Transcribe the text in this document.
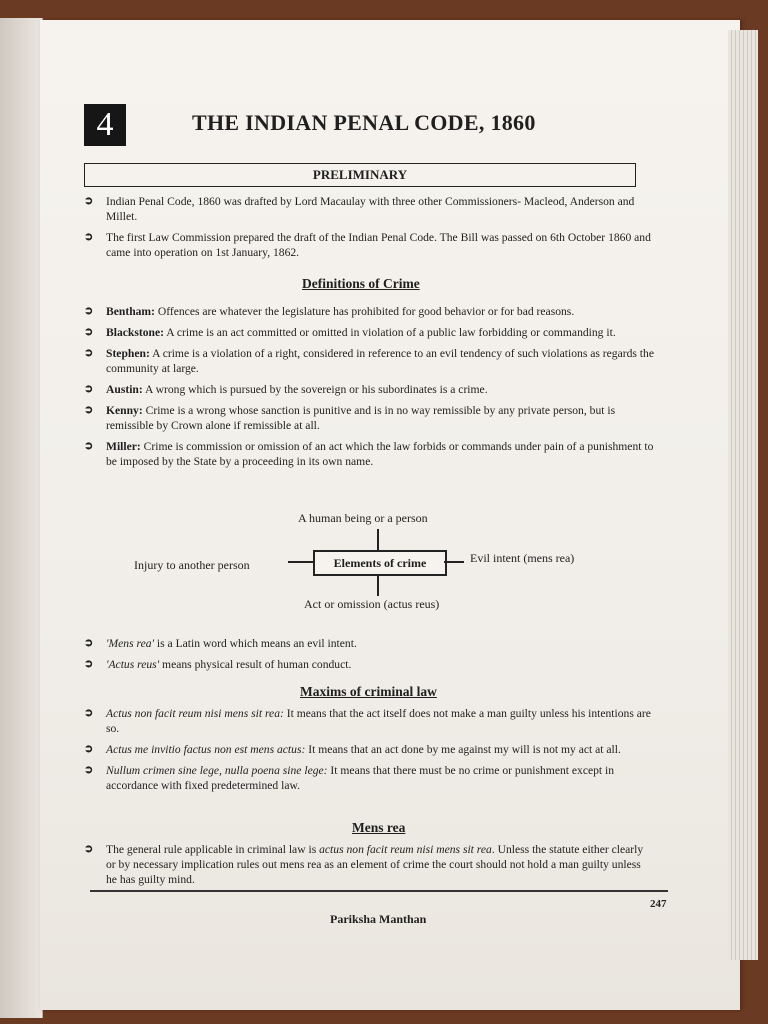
4	THE INDIAN PENAL CODE, 1860
PRELIMINARY
➲ Indian Penal Code, 1860 was drafted by Lord Macaulay with three other Commissioners- Macleod, Anderson and Millet.
➲ The first Law Commission prepared the draft of the Indian Penal Code. The Bill was passed on 6th October 1860 and came into operation on 1st January, 1862.
Definitions of Crime
➲ Bentham: Offences are whatever the legislature has prohibited for good behavior or for bad reasons.
➲ Blackstone: A crime is an act committed or omitted in violation of a public law forbidding or commanding it.
➲ Stephen: A crime is a violation of a right, considered in reference to an evil tendency of such violations as regards the community at large.
➲ Austin: A wrong which is pursued by the sovereign or his subordinates is a crime.
➲ Kenny: Crime is a wrong whose sanction is punitive and is in no way remissible by any private person, but is remissible by Crown alone if remissible at all.
➲ Miller: Crime is commission or omission of an act which the law forbids or commands under pain of a punishment to be imposed by the State by a proceeding in its own name.
A human being or a person
Injury to another person	Elements of crime	Evil intent (mens rea)
Act or omission (actus reus)
➲ 'Mens rea' is a Latin word which means an evil intent.
➲ 'Actus reus' means physical result of human conduct.
Maxims of criminal law
➲ Actus non facit reum nisi mens sit rea: It means that the act itself does not make a man guilty unless his intentions are so.
➲ Actus me invitio factus non est mens actus: It means that an act done by me against my will is not my act at all.
➲ Nullum crimen sine lege, nulla poena sine lege: It means that there must be no crime or punishment except in accordance with fixed predetermined law.
Mens rea
➲ The general rule applicable in criminal law is actus non facit reum nisi mens sit rea. Unless the statute either clearly or by necessary implication rules out mens rea as an element of crime the court should not hold a man guilty unless he has guilty mind.
247
Pariksha Manthan
